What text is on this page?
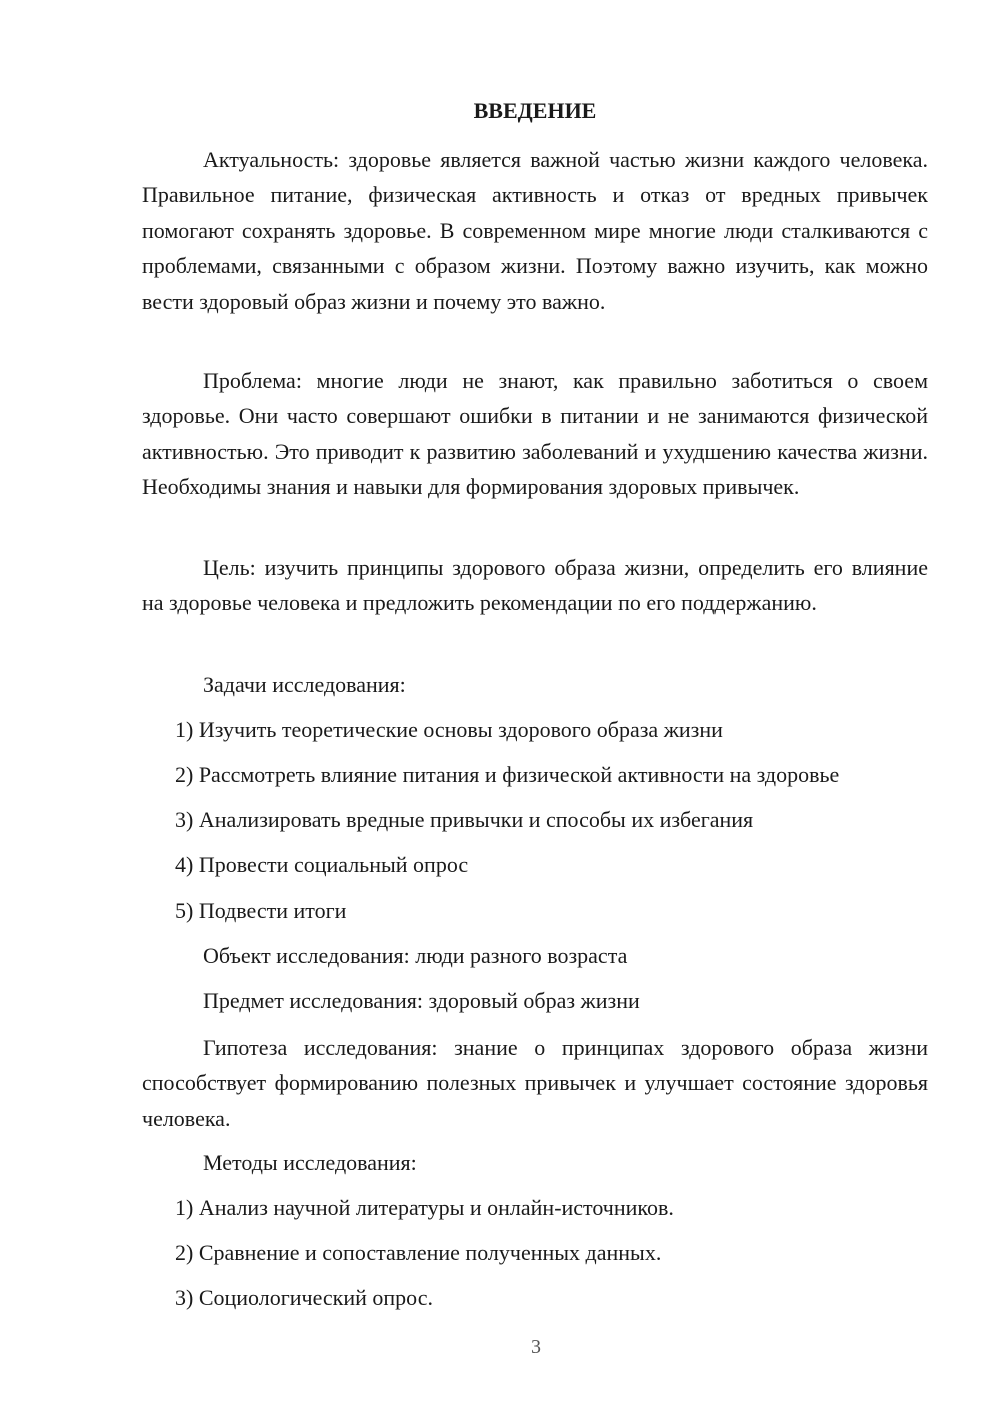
ВВЕДЕНИЕ

Актуальность: здоровье является важной частью жизни каждого человека. Правильное питание, физическая активность и отказ от вредных привычек помогают сохранять здоровье. В современном мире многие люди сталкиваются с проблемами, связанными с образом жизни. Поэтому важно изучить, как можно вести здоровый образ жизни и почему это важно.

Проблема: многие люди не знают, как правильно заботиться о своем здоровье. Они часто совершают ошибки в питании и не занимаются физической активностью. Это приводит к развитию заболеваний и ухудшению качества жизни. Необходимы знания и навыки для формирования здоровых привычек.

Цель: изучить принципы здорового образа жизни, определить его влияние на здоровье человека и предложить рекомендации по его поддержанию.

Задачи исследования:

1) Изучить теоретические основы здорового образа жизни

2) Рассмотреть влияние питания и физической активности на здоровье

3) Анализировать вредные привычки и способы их избегания

4) Провести социальный опрос

5) Подвести итоги

Объект исследования: люди разного возраста

Предмет исследования: здоровый образ жизни

Гипотеза исследования: знание о принципах здорового образа жизни способствует формированию полезных привычек и улучшает состояние здоровья человека.

Методы исследования:

1) Анализ научной литературы и онлайн-источников.

2) Сравнение и сопоставление полученных данных.

3) Социологический опрос.

3
